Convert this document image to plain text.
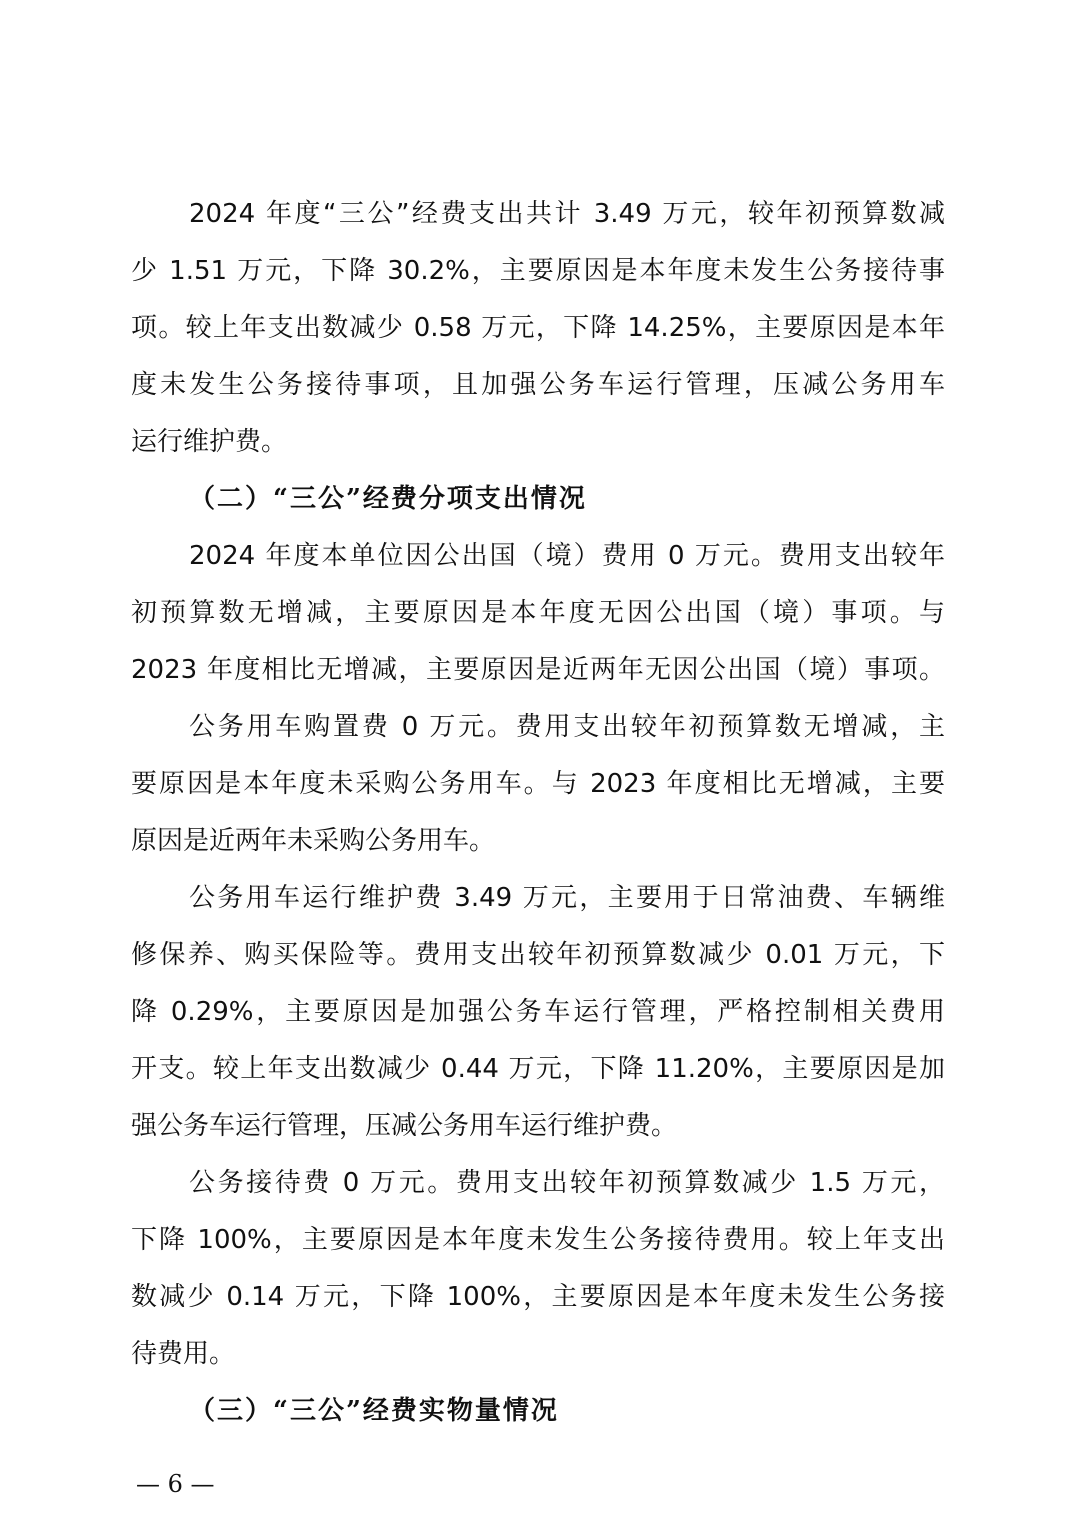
2024 年度“三公”经费支出共计 3.49 万元，较年初预算数减
少 1.51 万元，下降 30.2%，主要原因是本年度未发生公务接待事
项。较上年支出数减少 0.58 万元，下降 14.25%，主要原因是本年
度未发生公务接待事项，且加强公务车运行管理，压减公务用车
运行维护费。
（二）“三公”经费分项支出情况
2024 年度本单位因公出国（境）费用 0 万元。费用支出较年
初预算数无增减，主要原因是本年度无因公出国（境）事项。与
2023 年度相比无增减，主要原因是近两年无因公出国（境）事项。
公务用车购置费 0 万元。费用支出较年初预算数无增减，主
要原因是本年度未采购公务用车。与 2023 年度相比无增减，主要
原因是近两年未采购公务用车。
公务用车运行维护费 3.49 万元，主要用于日常油费、车辆维
修保养、购买保险等。费用支出较年初预算数减少 0.01 万元，下
降 0.29%，主要原因是加强公务车运行管理，严格控制相关费用
开支。较上年支出数减少 0.44 万元，下降 11.20%，主要原因是加
强公务车运行管理，压减公务用车运行维护费。
公务接待费 0 万元。费用支出较年初预算数减少 1.5 万元，
下降 100%，主要原因是本年度未发生公务接待费用。较上年支出
数减少 0.14 万元，下降 100%，主要原因是本年度未发生公务接
待费用。
（三）“三公”经费实物量情况
— 6 —
